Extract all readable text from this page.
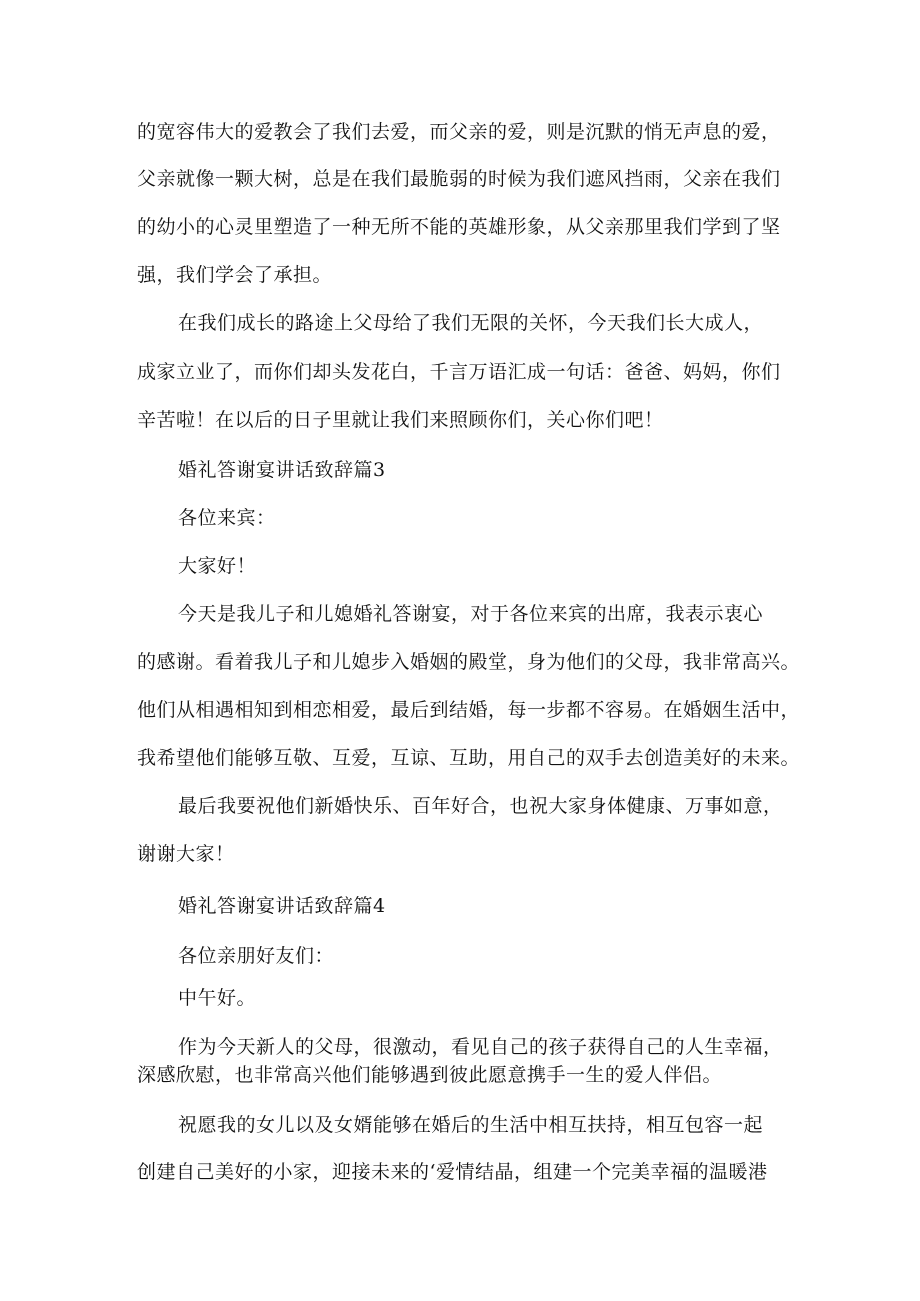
的宽容伟大的爱教会了我们去爱，而父亲的爱，则是沉默的悄无声息的爱，
父亲就像一颗大树，总是在我们最脆弱的时候为我们遮风挡雨，父亲在我们
的幼小的心灵里塑造了一种无所不能的英雄形象，从父亲那里我们学到了坚
强，我们学会了承担。
在我们成长的路途上父母给了我们无限的关怀，今天我们长大成人，
成家立业了，而你们却头发花白，千言万语汇成一句话：爸爸、妈妈，你们
辛苦啦！在以后的日子里就让我们来照顾你们，关心你们吧！
婚礼答谢宴讲话致辞篇3
各位来宾：
大家好！
今天是我儿子和儿媳婚礼答谢宴，对于各位来宾的出席，我表示衷心
的感谢。看着我儿子和儿媳步入婚姻的殿堂，身为他们的父母，我非常高兴。
他们从相遇相知到相恋相爱，最后到结婚，每一步都不容易。在婚姻生活中，
我希望他们能够互敬、互爱，互谅、互助，用自己的双手去创造美好的未来。
最后我要祝他们新婚快乐、百年好合，也祝大家身体健康、万事如意，
谢谢大家！
婚礼答谢宴讲话致辞篇4
各位亲朋好友们：
中午好。
作为今天新人的父母，很激动，看见自己的孩子获得自己的人生幸福，
深感欣慰，也非常高兴他们能够遇到彼此愿意携手一生的爱人伴侣。
祝愿我的女儿以及女婿能够在婚后的生活中相互扶持，相互包容一起
创建自己美好的小家，迎接未来的‘爱情结晶，组建一个完美幸福的温暖港
